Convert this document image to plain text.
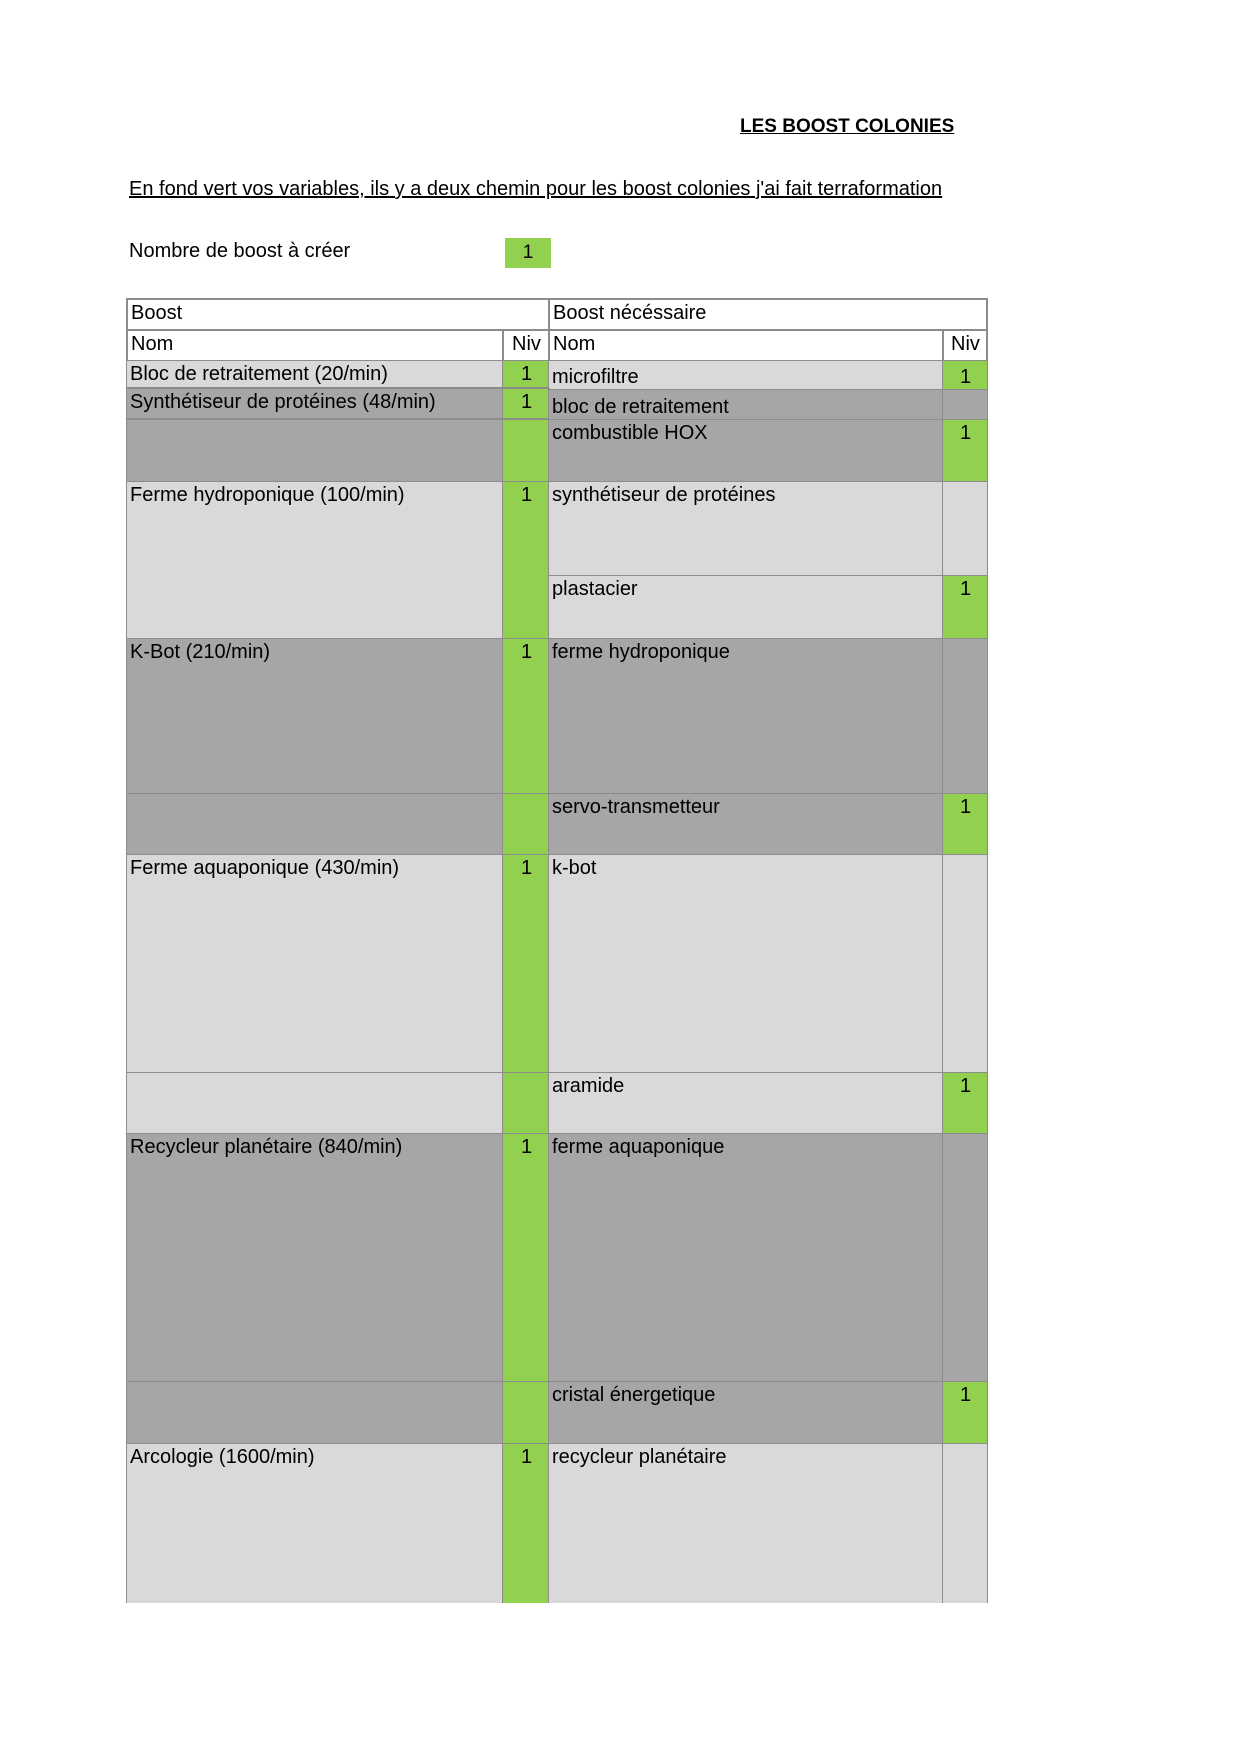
LES BOOST COLONIES
En fond vert vos variables, ils y a deux chemin pour les boost colonies j'ai fait terraformation
Nombre de boost à créer	1
Boost	Boost nécéssaire
Nom	Niv Nom	Niv
Bloc de retraitement (20/min)	1 microfiltre	1
Synthétiseur de protéines (48/min)	1 bloc de retraitement
combustible HOX	1
Ferme hydroponique (100/min)	1 synthétiseur de protéines
plastacier	1
K-Bot (210/min)	1 ferme hydroponique
servo-transmetteur	1
Ferme aquaponique (430/min)	1 k-bot
aramide	1
Recycleur planétaire (840/min)	1 ferme aquaponique
cristal énergetique	1
Arcologie (1600/min)	1 recycleur planétaire
